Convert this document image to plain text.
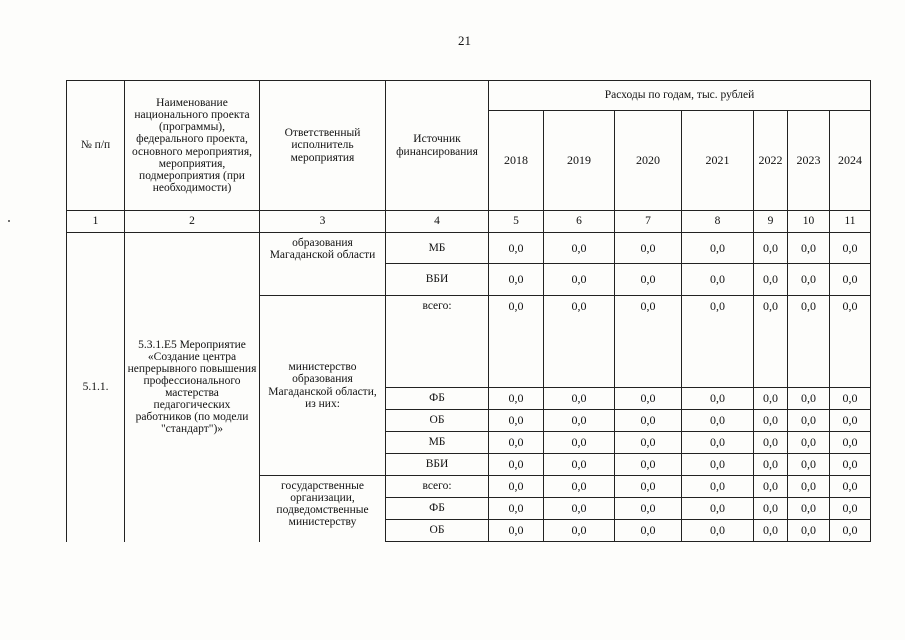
21
№ п/п	Наименование национального проекта (программы), федерального проекта, основного мероприятия, мероприятия, подмероприятия (при необходимости)	Ответственный исполнитель мероприятия	Источник финансирования	Расходы по годам, тыс. рублей						
				2018	2019	2020	2021	2022	2023	2024
1	2	3	4	5	6	7	8	9	10	11
5.1.1.	5.3.1.Е5 Мероприятие «Создание центра непрерывного повышения профессионального мастерства педагогических работников (по модели "стандарт")»	образования Магаданской области	МБ	0,0	0,0	0,0	0,0	0,0	0,0	0,0
			ВБИ	0,0	0,0	0,0	0,0	0,0	0,0	0,0
		министерство образования Магаданской области, из них:	всего:	0,0	0,0	0,0	0,0	0,0	0,0	0,0
			ФБ	0,0	0,0	0,0	0,0	0,0	0,0	0,0
			ОБ	0,0	0,0	0,0	0,0	0,0	0,0	0,0
			МБ	0,0	0,0	0,0	0,0	0,0	0,0	0,0
			ВБИ	0,0	0,0	0,0	0,0	0,0	0,0	0,0
		государственные организации, подведомственные министерству	всего:	0,0	0,0	0,0	0,0	0,0	0,0	0,0
			ФБ	0,0	0,0	0,0	0,0	0,0	0,0	0,0
			ОБ	0,0	0,0	0,0	0,0	0,0	0,0	0,0
